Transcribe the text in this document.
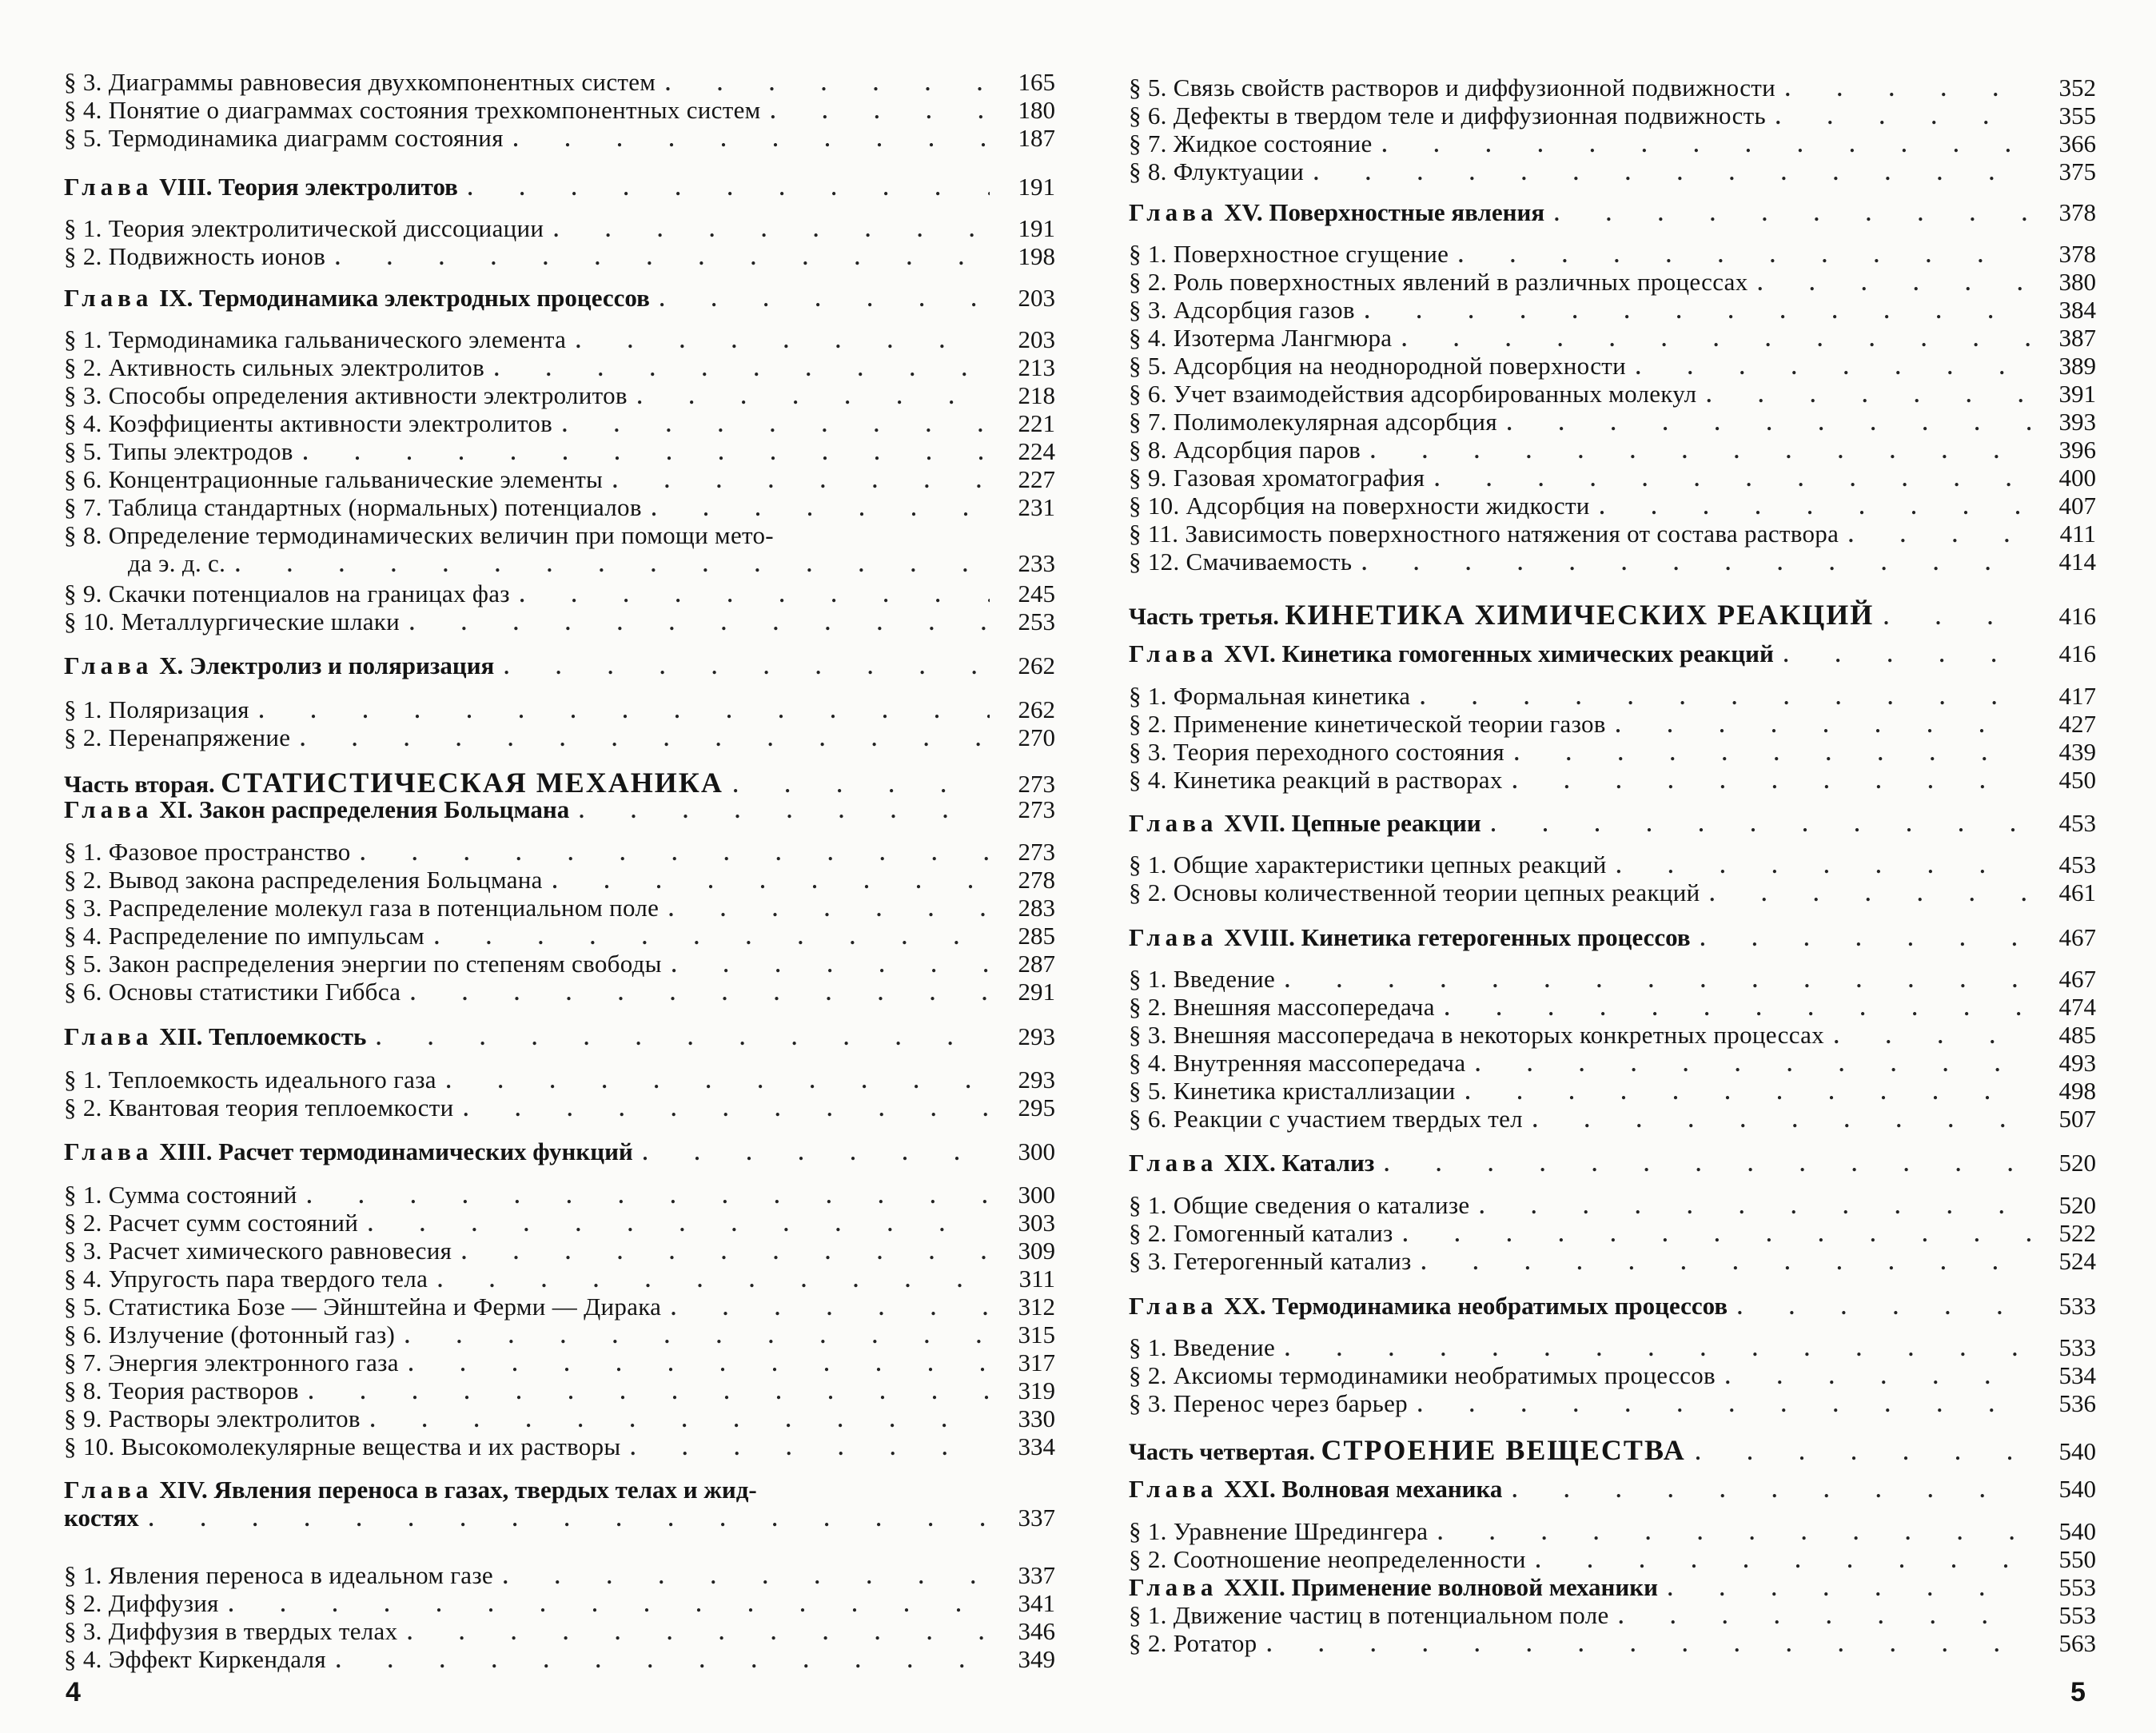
§ 3. Диаграммы равновесия двухкомпонентных систем . . .	165
§ 4. Понятие о диаграммах состояния трехкомпонентных систем . . .	180
§ 5. Термодинамика диаграмм состояния . . .	187
Глава VIII. Теория электролитов . . .	191
§ 1. Теория электролитической диссоциации . . .	191
§ 2. Подвижность ионов . . .	198
Глава IX. Термодинамика электродных процессов . . .	203
§ 1. Термодинамика гальванического элемента . . .	203
§ 2. Активность сильных электролитов . . .	213
§ 3. Способы определения активности электролитов . . .	218
§ 4. Коэффициенты активности электролитов . . .	221
§ 5. Типы электродов . . .	224
§ 6. Концентрационные гальванические элементы . . .	227
§ 7. Таблица стандартных (нормальных) потенциалов . . .	231
§ 8. Определение термодинамических величин при помощи мето-
да э. д. с. . . .	233
§ 9. Скачки потенциалов на границах фаз . . .	245
§ 10. Металлургические шлаки . . .	253
Глава X. Электролиз и поляризация . . .	262
§ 1. Поляризация . . .	262
§ 2. Перенапряжение . . .	270
Часть вторая. СТАТИСТИЧЕСКАЯ МЕХАНИКА . . .	273
Глава XI. Закон распределения Больцмана . . .	273
§ 1. Фазовое пространство . . .	273
§ 2. Вывод закона распределения Больцмана . . .	278
§ 3. Распределение молекул газа в потенциальном поле . . .	283
§ 4. Распределение по импульсам . . .	285
§ 5. Закон распределения энергии по степеням свободы . . .	287
§ 6. Основы статистики Гиббса . . .	291
Глава XII. Теплоемкость . . .	293
§ 1. Теплоемкость идеального газа . . .	293
§ 2. Квантовая теория теплоемкости . . .	295
Глава XIII. Расчет термодинамических функций . . .	300
§ 1. Сумма состояний . . .	300
§ 2. Расчет сумм состояний . . .	303
§ 3. Расчет химического равновесия . . .	309
§ 4. Упругость пара твердого тела . . .	311
§ 5. Статистика Бозе — Эйнштейна и Ферми — Дирака . . .	312
§ 6. Излучение (фотонный газ) . . .	315
§ 7. Энергия электронного газа . . .	317
§ 8. Теория растворов . . .	319
§ 9. Растворы электролитов . . .	330
§ 10. Высокомолекулярные вещества и их растворы . . .	334
Глава XIV. Явления переноса в газах, твердых телах и жид-
костях . . .	337
§ 1. Явления переноса в идеальном газе . . .	337
§ 2. Диффузия . . .	341
§ 3. Диффузия в твердых телах . . .	346
§ 4. Эффект Киркендаля . . .	349
§ 5. Связь свойств растворов и диффузионной подвижности . . .	352
§ 6. Дефекты в твердом теле и диффузионная подвижность . . .	355
§ 7. Жидкое состояние . . .	366
§ 8. Флуктуации . . .	375
Глава XV. Поверхностные явления . . .	378
§ 1. Поверхностное сгущение . . .	378
§ 2. Роль поверхностных явлений в различных процессах . . .	380
§ 3. Адсорбция газов . . .	384
§ 4. Изотерма Лангмюра . . .	387
§ 5. Адсорбция на неоднородной поверхности . . .	389
§ 6. Учет взаимодействия адсорбированных молекул . . .	391
§ 7. Полимолекулярная адсорбция . . .	393
§ 8. Адсорбция паров . . .	396
§ 9. Газовая хроматография . . .	400
§ 10. Адсорбция на поверхности жидкости . . .	407
§ 11. Зависимость поверхностного натяжения от состава раствора . . .	411
§ 12. Смачиваемость . . .	414
Часть третья. КИНЕТИКА ХИМИЧЕСКИХ РЕАКЦИЙ . . .	416
Глава XVI. Кинетика гомогенных химических реакций . . .	416
§ 1. Формальная кинетика . . .	417
§ 2. Применение кинетической теории газов . . .	427
§ 3. Теория переходного состояния . . .	439
§ 4. Кинетика реакций в растворах . . .	450
Глава XVII. Цепные реакции . . .	453
§ 1. Общие характеристики цепных реакций . . .	453
§ 2. Основы количественной теории цепных реакций . . .	461
Глава XVIII. Кинетика гетерогенных процессов . . .	467
§ 1. Введение . . .	467
§ 2. Внешняя массопередача . . .	474
§ 3. Внешняя массопередача в некоторых конкретных процессах . . .	485
§ 4. Внутренняя массопередача . . .	493
§ 5. Кинетика кристаллизации . . .	498
§ 6. Реакции с участием твердых тел . . .	507
Глава XIX. Катализ . . .	520
§ 1. Общие сведения о катализе . . .	520
§ 2. Гомогенный катализ . . .	522
§ 3. Гетерогенный катализ . . .	524
Глава XX. Термодинамика необратимых процессов . . .	533
§ 1. Введение . . .	533
§ 2. Аксиомы термодинамики необратимых процессов . . .	534
§ 3. Перенос через барьер . . .	536
Часть четвертая. СТРОЕНИЕ ВЕЩЕСТВА . . .	540
Глава XXI. Волновая механика . . .	540
§ 1. Уравнение Шредингера . . .	540
§ 2. Соотношение неопределенности . . .	550
Глава XXII. Применение волновой механики . . .	553
§ 1. Движение частиц в потенциальном поле . . .	553
§ 2. Ротатор . . .	563
4	5
